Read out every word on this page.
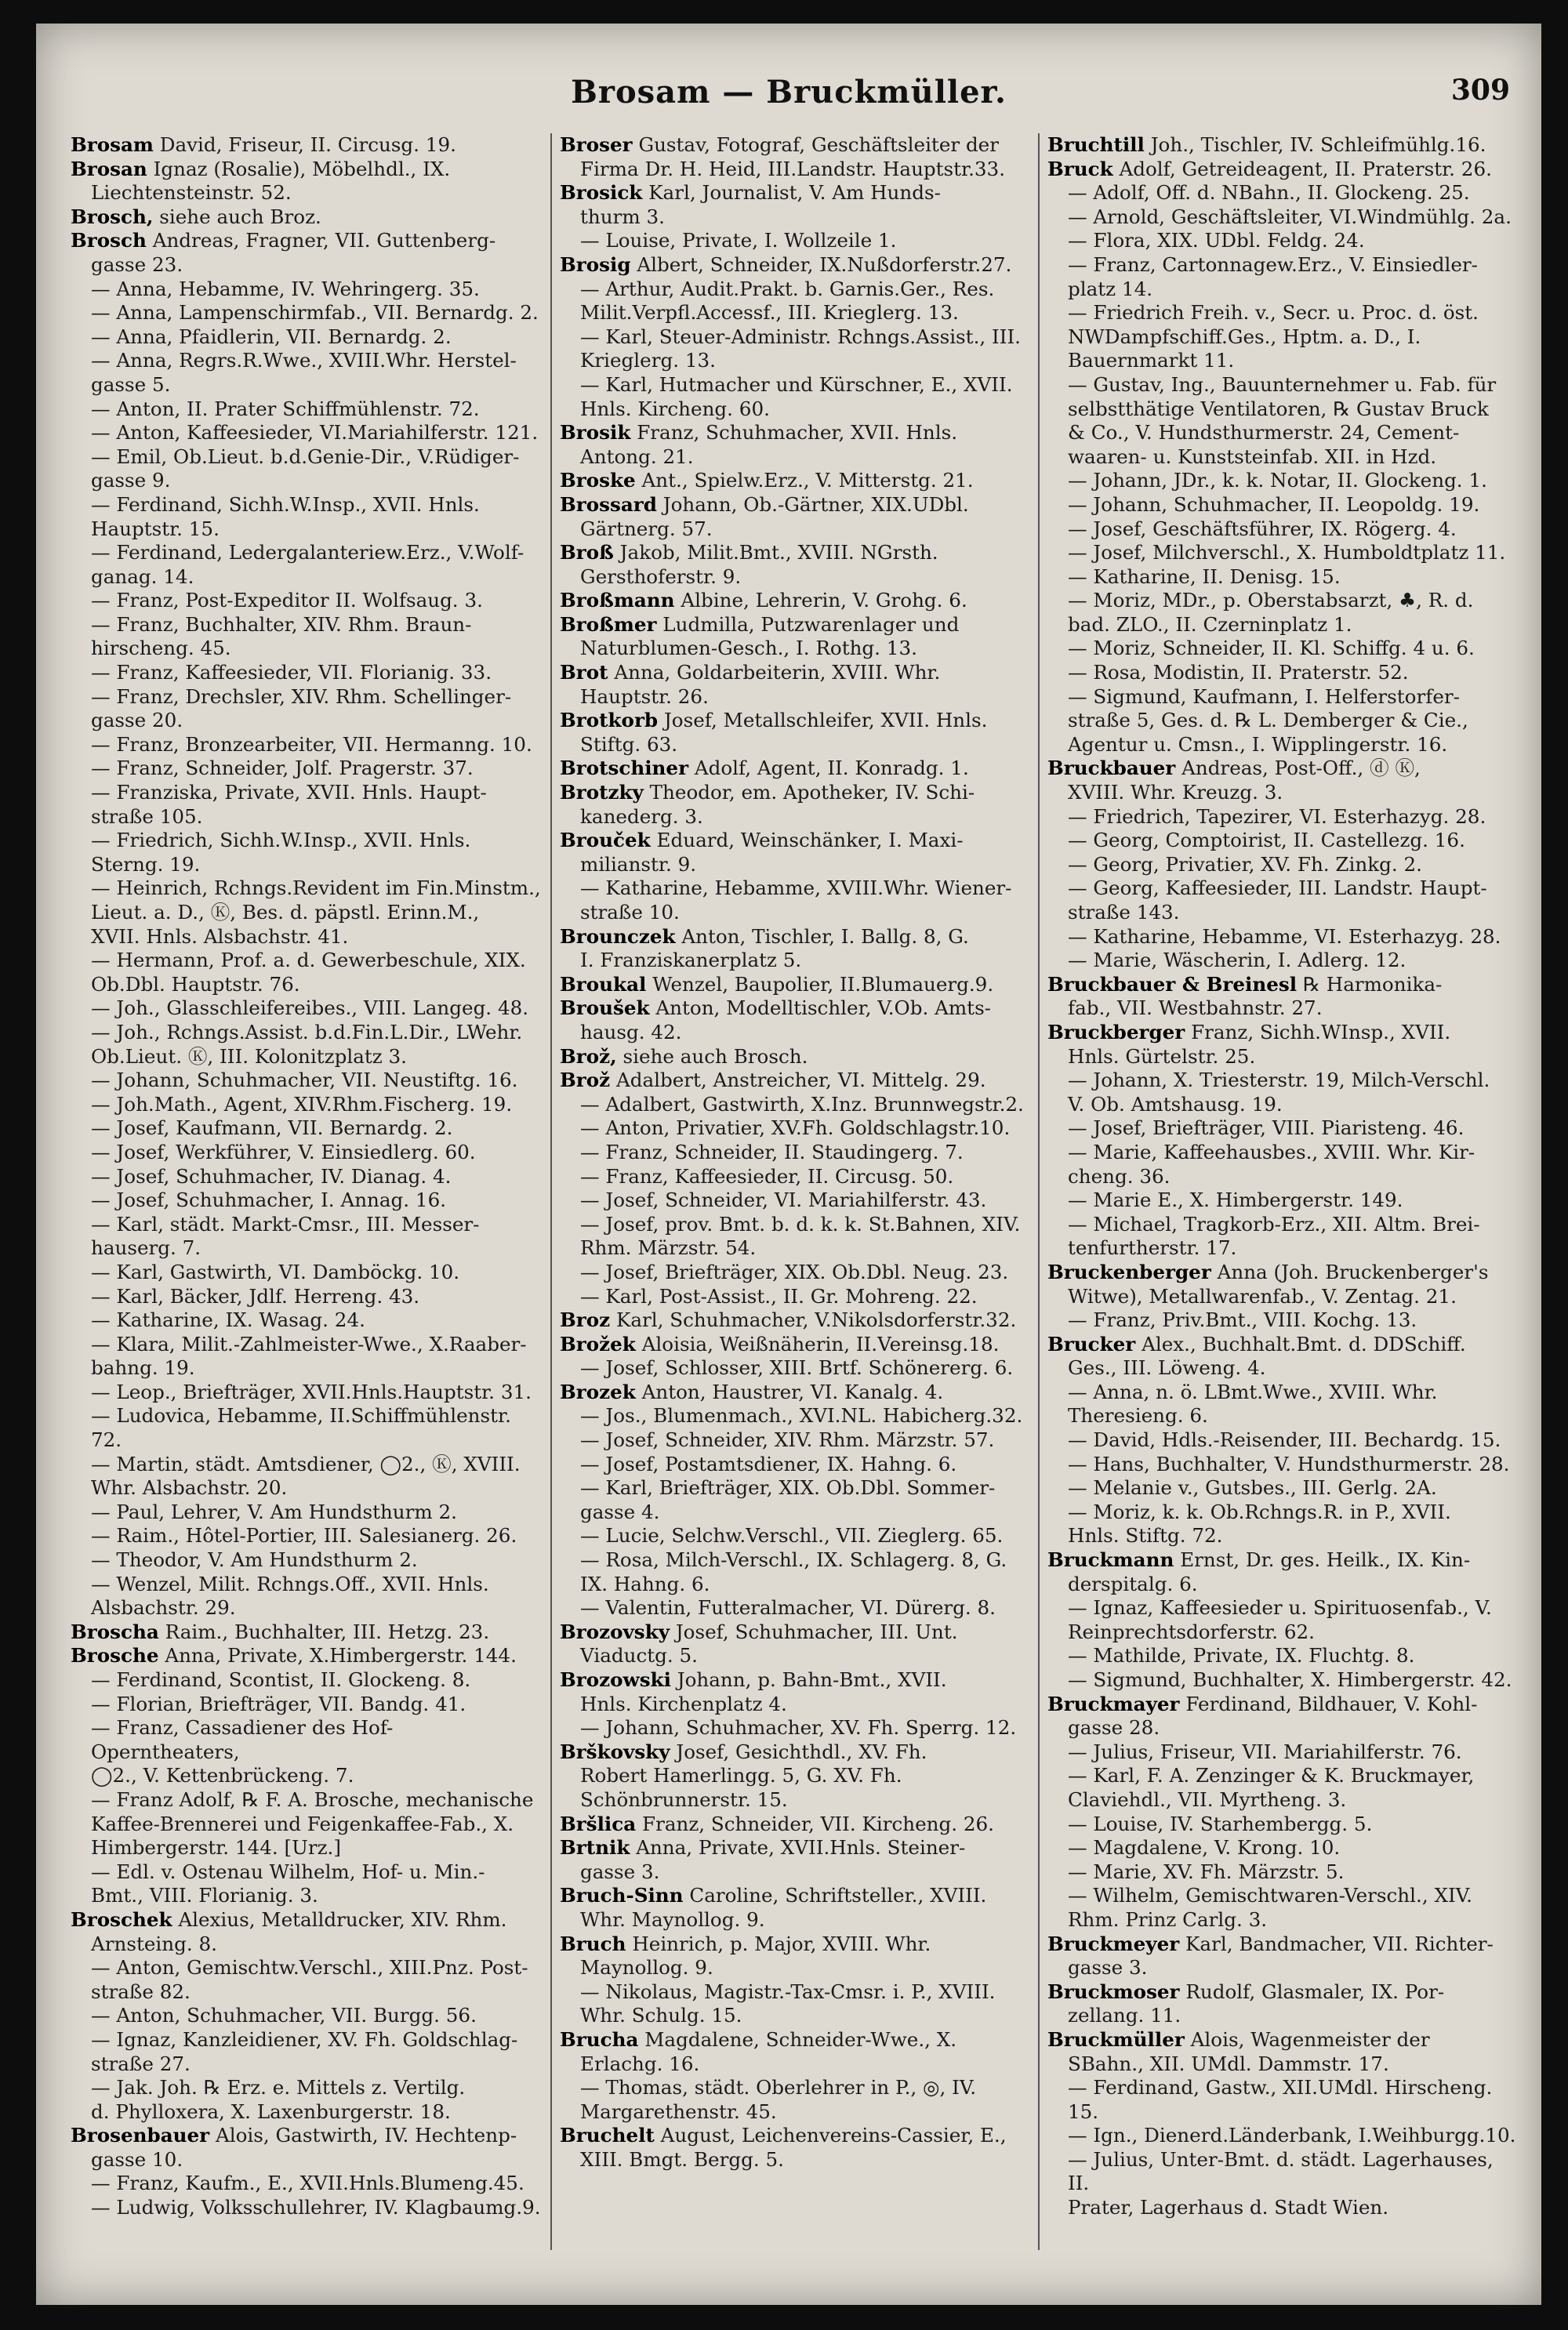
Brosam — Bruckmüller.	309
Brosam David, Friseur, II. Circusg. 19.
Brosan Ignaz (Rosalie), Möbelhdl., IX.
Liechtensteinstr. 52.
Brosch, siehe auch Broz.
Brosch Andreas, Fragner, VII. Guttenberg-
gasse 23.
— Anna, Hebamme, IV. Wehringerg. 35.
— Anna, Lampenschirmfab., VII. Bernardg. 2.
— Anna, Pfaidlerin, VII. Bernardg. 2.
— Anna, Regrs.R.Wwe., XVIII.Whr. Herstel-
gasse 5.
— Anton, II. Prater Schiffmühlenstr. 72.
— Anton, Kaffeesieder, VI.Mariahilferstr. 121.
— Emil, Ob.Lieut. b.d.Genie-Dir., V.Rüdiger-
gasse 9.
— Ferdinand, Sichh.W.Insp., XVII. Hnls.
Hauptstr. 15.
— Ferdinand, Ledergalanteriew.Erz., V.Wolf-
ganag. 14.
— Franz, Post-Expeditor II. Wolfsaug. 3.
— Franz, Buchhalter, XIV. Rhm. Braun-
hirscheng. 45.
— Franz, Kaffeesieder, VII. Florianig. 33.
— Franz, Drechsler, XIV. Rhm. Schellinger-
gasse 20.
— Franz, Bronzearbeiter, VII. Hermanng. 10.
— Franz, Schneider, Jolf. Pragerstr. 37.
— Franziska, Private, XVII. Hnls. Haupt-
straße 105.
— Friedrich, Sichh.W.Insp., XVII. Hnls.
Sterng. 19.
— Heinrich, Rchngs.Revident im Fin.Minstm.,
Lieut. a. D., Ⓚ, Bes. d. päpstl. Erinn.M.,
XVII. Hnls. Alsbachstr. 41.
— Hermann, Prof. a. d. Gewerbeschule, XIX.
Ob.Dbl. Hauptstr. 76.
— Joh., Glasschleifereibes., VIII. Langeg. 48.
— Joh., Rchngs.Assist. b.d.Fin.L.Dir., LWehr.
Ob.Lieut. Ⓚ, III. Kolonitzplatz 3.
— Johann, Schuhmacher, VII. Neustiftg. 16.
— Joh.Math., Agent, XIV.Rhm.Fischerg. 19.
— Josef, Kaufmann, VII. Bernardg. 2.
— Josef, Werkführer, V. Einsiedlerg. 60.
— Josef, Schuhmacher, IV. Dianag. 4.
— Josef, Schuhmacher, I. Annag. 16.
— Karl, städt. Markt-Cmsr., III. Messer-
hauserg. 7.
— Karl, Gastwirth, VI. Damböckg. 10.
— Karl, Bäcker, Jdlf. Herreng. 43.
— Katharine, IX. Wasag. 24.
— Klara, Milit.-Zahlmeister-Wwe., X.Raaber-
bahng. 19.
— Leop., Briefträger, XVII.Hnls.Hauptstr. 31.
— Ludovica, Hebamme, II.Schiffmühlenstr. 72.
— Martin, städt. Amtsdiener, ◯2., Ⓚ, XVIII.
Whr. Alsbachstr. 20.
— Paul, Lehrer, V. Am Hundsthurm 2.
— Raim., Hôtel-Portier, III. Salesianerg. 26.
— Theodor, V. Am Hundsthurm 2.
— Wenzel, Milit. Rchngs.Off., XVII. Hnls.
Alsbachstr. 29.
Broscha Raim., Buchhalter, III. Hetzg. 23.
Brosche Anna, Private, X.Himbergerstr. 144.
— Ferdinand, Scontist, II. Glockeng. 8.
— Florian, Briefträger, VII. Bandg. 41.
— Franz, Cassadiener des Hof-Operntheaters,
◯2., V. Kettenbrückeng. 7.
— Franz Adolf, ℞ F. A. Brosche, mechanische
Kaffee-Brennerei und Feigenkaffee-Fab., X.
Himbergerstr. 144. [Urz.]
— Edl. v. Ostenau Wilhelm, Hof- u. Min.-
Bmt., VIII. Florianig. 3.
Broschek Alexius, Metalldrucker, XIV. Rhm.
Arnsteing. 8.
— Anton, Gemischtw.Verschl., XIII.Pnz. Post-
straße 82.
— Anton, Schuhmacher, VII. Burgg. 56.
— Ignaz, Kanzleidiener, XV. Fh. Goldschlag-
straße 27.
— Jak. Joh. ℞ Erz. e. Mittels z. Vertilg.
d. Phylloxera, X. Laxenburgerstr. 18.
Brosenbauer Alois, Gastwirth, IV. Hechtenp-
gasse 10.
— Franz, Kaufm., E., XVII.Hnls.Blumeng.45.
— Ludwig, Volksschullehrer, IV. Klagbaumg.9.
Broser Gustav, Fotograf, Geschäftsleiter der
Firma Dr. H. Heid, III.Landstr. Hauptstr.33.
Brosick Karl, Journalist, V. Am Hunds-
thurm 3.
— Louise, Private, I. Wollzeile 1.
Brosig Albert, Schneider, IX.Nußdorferstr.27.
— Arthur, Audit.Prakt. b. Garnis.Ger., Res.
Milit.Verpfl.Accessf., III. Krieglerg. 13.
— Karl, Steuer-Administr. Rchngs.Assist., III.
Krieglerg. 13.
— Karl, Hutmacher und Kürschner, E., XVII.
Hnls. Kircheng. 60.
Brosik Franz, Schuhmacher, XVII. Hnls.
Antong. 21.
Broske Ant., Spielw.Erz., V. Mitterstg. 21.
Brossard Johann, Ob.-Gärtner, XIX.UDbl.
Gärtnerg. 57.
Broß Jakob, Milit.Bmt., XVIII. NGrsth.
Gersthoferstr. 9.
Broßmann Albine, Lehrerin, V. Grohg. 6.
Broßmer Ludmilla, Putzwarenlager und
Naturblumen-Gesch., I. Rothg. 13.
Brot Anna, Goldarbeiterin, XVIII. Whr.
Hauptstr. 26.
Brotkorb Josef, Metallschleifer, XVII. Hnls.
Stiftg. 63.
Brotschiner Adolf, Agent, II. Konradg. 1.
Brotzky Theodor, em. Apotheker, IV. Schi-
kanederg. 3.
Brouček Eduard, Weinschänker, I. Maxi-
milianstr. 9.
— Katharine, Hebamme, XVIII.Whr. Wiener-
straße 10.
Brounczek Anton, Tischler, I. Ballg. 8, G.
I. Franziskanerplatz 5.
Broukal Wenzel, Baupolier, II.Blumauerg.9.
Broušek Anton, Modelltischler, V.Ob. Amts-
hausg. 42.
Brož, siehe auch Brosch.
Brož Adalbert, Anstreicher, VI. Mittelg. 29.
— Adalbert, Gastwirth, X.Inz. Brunnwegstr.2.
— Anton, Privatier, XV.Fh. Goldschlagstr.10.
— Franz, Schneider, II. Staudingerg. 7.
— Franz, Kaffeesieder, II. Circusg. 50.
— Josef, Schneider, VI. Mariahilferstr. 43.
— Josef, prov. Bmt. b. d. k. k. St.Bahnen, XIV.
Rhm. Märzstr. 54.
— Josef, Briefträger, XIX. Ob.Dbl. Neug. 23.
— Karl, Post-Assist., II. Gr. Mohreng. 22.
Broz Karl, Schuhmacher, V.Nikolsdorferstr.32.
Brožek Aloisia, Weißnäherin, II.Vereinsg.18.
— Josef, Schlosser, XIII. Brtf. Schönererg. 6.
Brozek Anton, Haustrer, VI. Kanalg. 4.
— Jos., Blumenmach., XVI.NL. Habicherg.32.
— Josef, Schneider, XIV. Rhm. Märzstr. 57.
— Josef, Postamtsdiener, IX. Hahng. 6.
— Karl, Briefträger, XIX. Ob.Dbl. Sommer-
gasse 4.
— Lucie, Selchw.Verschl., VII. Zieglerg. 65.
— Rosa, Milch-Verschl., IX. Schlagerg. 8, G.
IX. Hahng. 6.
— Valentin, Futteralmacher, VI. Dürerg. 8.
Brozovsky Josef, Schuhmacher, III. Unt.
Viaductg. 5.
Brozowski Johann, p. Bahn-Bmt., XVII.
Hnls. Kirchenplatz 4.
— Johann, Schuhmacher, XV. Fh. Sperrg. 12.
Brškovsky Josef, Gesichthdl., XV. Fh.
Robert Hamerlingg. 5, G. XV. Fh.
Schönbrunnerstr. 15.
Bršlica Franz, Schneider, VII. Kircheng. 26.
Brtnik Anna, Private, XVII.Hnls. Steiner-
gasse 3.
Bruch-Sinn Caroline, Schriftsteller., XVIII.
Whr. Maynollog. 9.
Bruch Heinrich, p. Major, XVIII. Whr.
Maynollog. 9.
— Nikolaus, Magistr.-Tax-Cmsr. i. P., XVIII.
Whr. Schulg. 15.
Brucha Magdalene, Schneider-Wwe., X.
Erlachg. 16.
— Thomas, städt. Oberlehrer in P., ◎, IV.
Margarethenstr. 45.
Bruchelt August, Leichenvereins-Cassier, E.,
XIII. Bmgt. Bergg. 5.
Bruchtill Joh., Tischler, IV. Schleifmühlg.16.
Bruck Adolf, Getreideagent, II. Praterstr. 26.
— Adolf, Off. d. NBahn., II. Glockeng. 25.
— Arnold, Geschäftsleiter, VI.Windmühlg. 2a.
— Flora, XIX. UDbl. Feldg. 24.
— Franz, Cartonnagew.Erz., V. Einsiedler-
platz 14.
— Friedrich Freih. v., Secr. u. Proc. d. öst.
NWDampfschiff.Ges., Hptm. a. D., I.
Bauernmarkt 11.
— Gustav, Ing., Bauunternehmer u. Fab. für
selbstthätige Ventilatoren, ℞ Gustav Bruck
& Co., V. Hundsthurmerstr. 24, Cement-
waaren- u. Kunststeinfab. XII. in Hzd.
— Johann, JDr., k. k. Notar, II. Glockeng. 1.
— Johann, Schuhmacher, II. Leopoldg. 19.
— Josef, Geschäftsführer, IX. Rögerg. 4.
— Josef, Milchverschl., X. Humboldtplatz 11.
— Katharine, II. Denisg. 15.
— Moriz, MDr., p. Oberstabsarzt, ♣, R. d.
bad. ZLO., II. Czerninplatz 1.
— Moriz, Schneider, II. Kl. Schiffg. 4 u. 6.
— Rosa, Modistin, II. Praterstr. 52.
— Sigmund, Kaufmann, I. Helferstorfer-
straße 5, Ges. d. ℞ L. Demberger & Cie.,
Agentur u. Cmsn., I. Wipplingerstr. 16.
Bruckbauer Andreas, Post-Off., ⓓ Ⓚ,
XVIII. Whr. Kreuzg. 3.
— Friedrich, Tapezirer, VI. Esterhazyg. 28.
— Georg, Comptoirist, II. Castellezg. 16.
— Georg, Privatier, XV. Fh. Zinkg. 2.
— Georg, Kaffeesieder, III. Landstr. Haupt-
straße 143.
— Katharine, Hebamme, VI. Esterhazyg. 28.
— Marie, Wäscherin, I. Adlerg. 12.
Bruckbauer & Breinesl ℞ Harmonika-
fab., VII. Westbahnstr. 27.
Bruckberger Franz, Sichh.WInsp., XVII.
Hnls. Gürtelstr. 25.
— Johann, X. Triesterstr. 19, Milch-Verschl.
V. Ob. Amtshausg. 19.
— Josef, Briefträger, VIII. Piaristeng. 46.
— Marie, Kaffeehausbes., XVIII. Whr. Kir-
cheng. 36.
— Marie E., X. Himbergerstr. 149.
— Michael, Tragkorb-Erz., XII. Altm. Brei-
tenfurtherstr. 17.
Bruckenberger Anna (Joh. Bruckenberger's
Witwe), Metallwarenfab., V. Zentag. 21.
— Franz, Priv.Bmt., VIII. Kochg. 13.
Brucker Alex., Buchhalt.Bmt. d. DDSchiff.
Ges., III. Löweng. 4.
— Anna, n. ö. LBmt.Wwe., XVIII. Whr.
Theresieng. 6.
— David, Hdls.-Reisender, III. Bechardg. 15.
— Hans, Buchhalter, V. Hundsthurmerstr. 28.
— Melanie v., Gutsbes., III. Gerlg. 2A.
— Moriz, k. k. Ob.Rchngs.R. in P., XVII.
Hnls. Stiftg. 72.
Bruckmann Ernst, Dr. ges. Heilk., IX. Kin-
derspitalg. 6.
— Ignaz, Kaffeesieder u. Spirituosenfab., V.
Reinprechtsdorferstr. 62.
— Mathilde, Private, IX. Fluchtg. 8.
— Sigmund, Buchhalter, X. Himbergerstr. 42.
Bruckmayer Ferdinand, Bildhauer, V. Kohl-
gasse 28.
— Julius, Friseur, VII. Mariahilferstr. 76.
— Karl, F. A. Zenzinger & K. Bruckmayer,
Claviehdl., VII. Myrtheng. 3.
— Louise, IV. Starhembergg. 5.
— Magdalene, V. Krong. 10.
— Marie, XV. Fh. Märzstr. 5.
— Wilhelm, Gemischtwaren-Verschl., XIV.
Rhm. Prinz Carlg. 3.
Bruckmeyer Karl, Bandmacher, VII. Richter-
gasse 3.
Bruckmoser Rudolf, Glasmaler, IX. Por-
zellang. 11.
Bruckmüller Alois, Wagenmeister der
SBahn., XII. UMdl. Dammstr. 17.
— Ferdinand, Gastw., XII.UMdl. Hirscheng. 15.
— Ign., Dienerd.Länderbank, I.Weihburgg.10.
— Julius, Unter-Bmt. d. städt. Lagerhauses, II.
Prater, Lagerhaus d. Stadt Wien.
